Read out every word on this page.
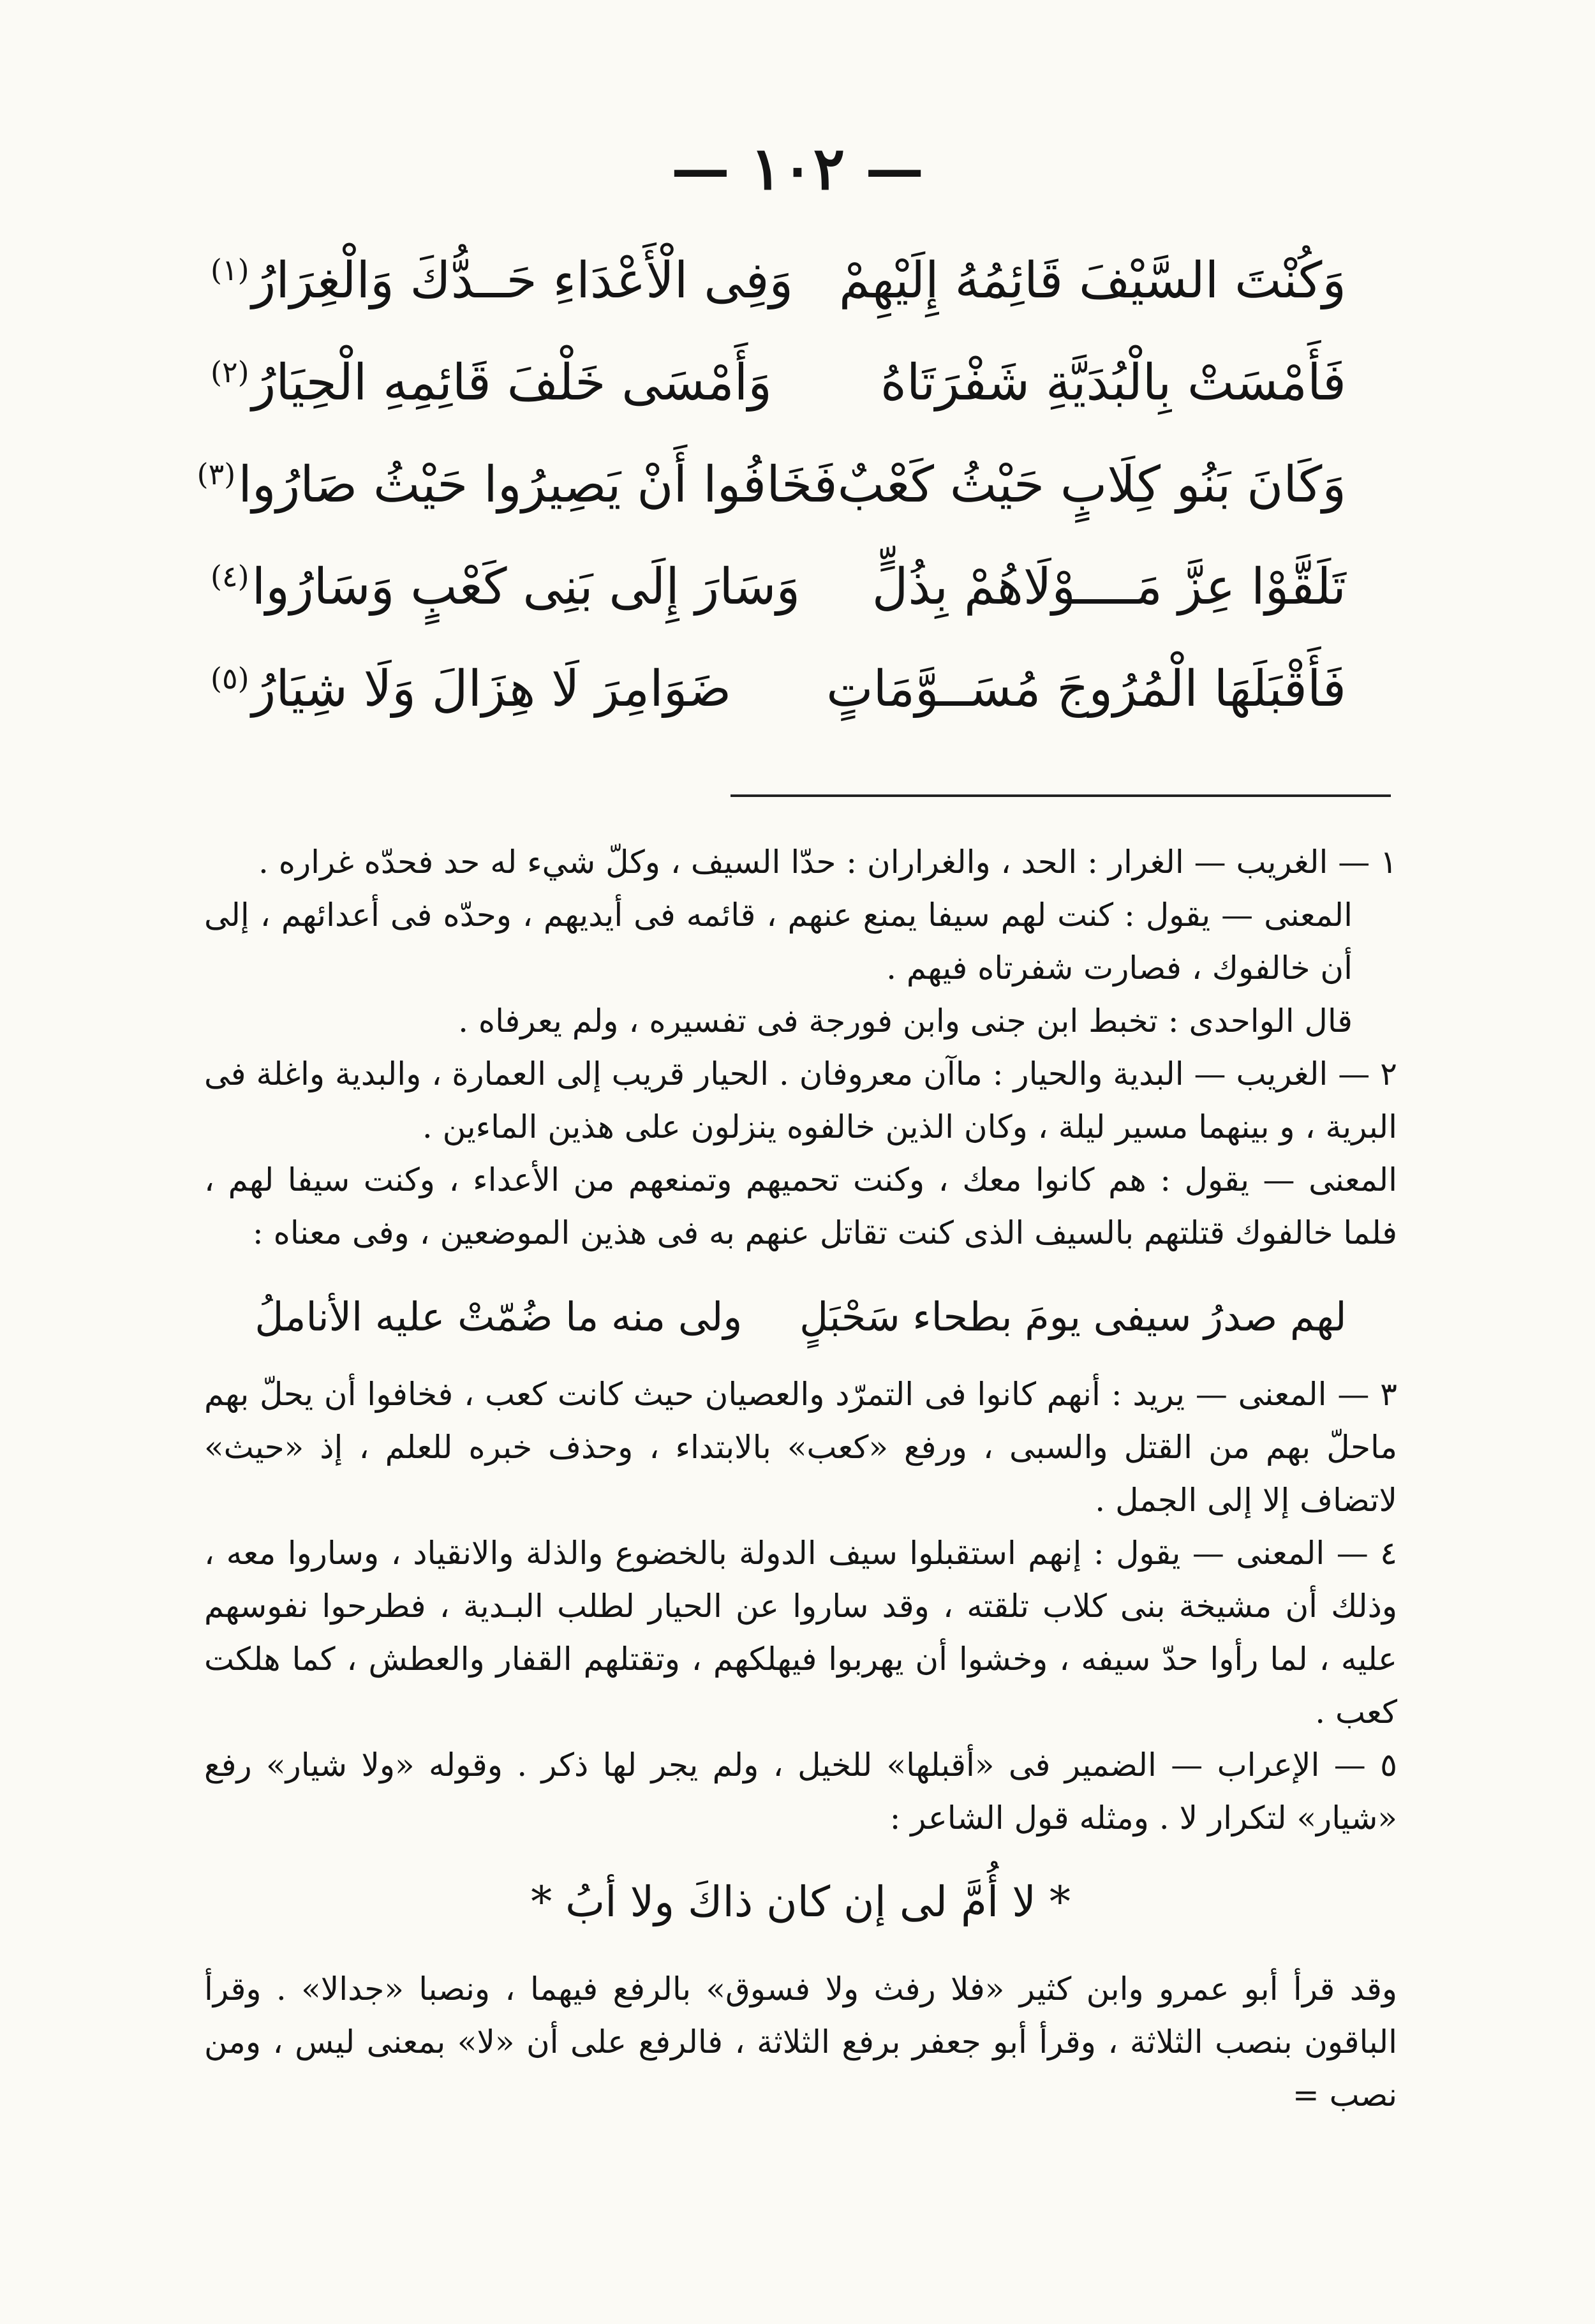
— ١٠٢ —
وَكُنْتَ السَّيْفَ قَائِمُهُ إِلَيْهِمْ
وَفِى الْأَعْدَاءِ حَــدُّكَ وَالْغِرَارُ$^{(١)}$
فَأَمْسَتْ بِالْبُدَيَّةِ شَفْرَتَاهُ
وَأَمْسَى خَلْفَ قَائِمِهِ الْحِيَارُ$^{(٢)}$
وَكَانَ بَنُو كِلَابٍ حَيْثُ كَعْبٌ
فَخَافُوا أَنْ يَصِيرُوا حَيْثُ صَارُوا$^{(٣)}$
تَلَقَّوْا عِزَّ مَــــوْلَاهُمْ بِذُلٍّ
وَسَارَ إِلَى بَنِى كَعْبٍ وَسَارُوا$^{(٤)}$
فَأَقْبَلَهَا الْمُرُوجَ مُسَــوَّمَاتٍ
ضَوَامِرَ لَا هِزَالَ وَلَا شِيَارُ$^{(٥)}$

١ — الغريب — الغرار : الحد ، والغراران : حدّا السيف ، وكلّ شيء له حد فحدّه غراره .

المعنى — يقول : كنت لهم سيفا يمنع عنهم ، قائمه فى أيديهم ، وحدّه فى أعدائهم ، إلى أن خالفوك ، فصارت شفرتاه فيهم .

قال الواحدى : تخبط ابن جنى وابن فورجة فى تفسيره ، ولم يعرفاه .

٢ — الغريب — البدية والحيار : ماآن معروفان . الحيار قريب إلى العمارة ، والبدية واغلة فى البرية ، و بينهما مسير ليلة ، وكان الذين خالفوه ينزلون على هذين الماءين .

المعنى — يقول : هم كانوا معك ، وكنت تحميهم وتمنعهم من الأعداء ، وكنت سيفا لهم ، فلما خالفوك قتلتهم بالسيف الذى كنت تقاتل عنهم به فى هذين الموضعين ، وفى معناه :

لهم صدرُ سيفى يومَ بطحاء سَحْبَلٍ ولى منه ما ضُمّتْ عليه الأناملُ

٣ — المعنى — يريد : أنهم كانوا فى التمرّد والعصيان حيث كانت كعب ، فخافوا أن يحلّ بهم ماحلّ بهم من القتل والسبى ، ورفع «كعب» بالابتداء ، وحذف خبره للعلم ، إذ «حيث» لاتضاف إلا إلى الجمل .

٤ — المعنى — يقول : إنهم استقبلوا سيف الدولة بالخضوع والذلة والانقياد ، وساروا معه ، وذلك أن مشيخة بنى كلاب تلقته ، وقد ساروا عن الحيار لطلب البـدية ، فطرحوا نفوسهم عليه ، لما رأوا حدّ سيفه ، وخشوا أن يهربوا فيهلكهم ، وتقتلهم القفار والعطش ، كما هلكت كعب .

٥ — الإعراب — الضمير فى «أقبلها» للخيل ، ولم يجر لها ذكر . وقوله «ولا شيار» رفع «شيار» لتكرار لا . ومثله قول الشاعر :

* لا أُمَّ لى إن كان ذاكَ ولا أبُ *

وقد قرأ أبو عمرو وابن كثير «فلا رفث ولا فسوق» بالرفع فيهما ، ونصبا «جدالا» . وقرأ الباقون بنصب الثلاثة ، وقرأ أبو جعفر برفع الثلاثة ، فالرفع على أن «لا» بمعنى ليس ، ومن نصب =
